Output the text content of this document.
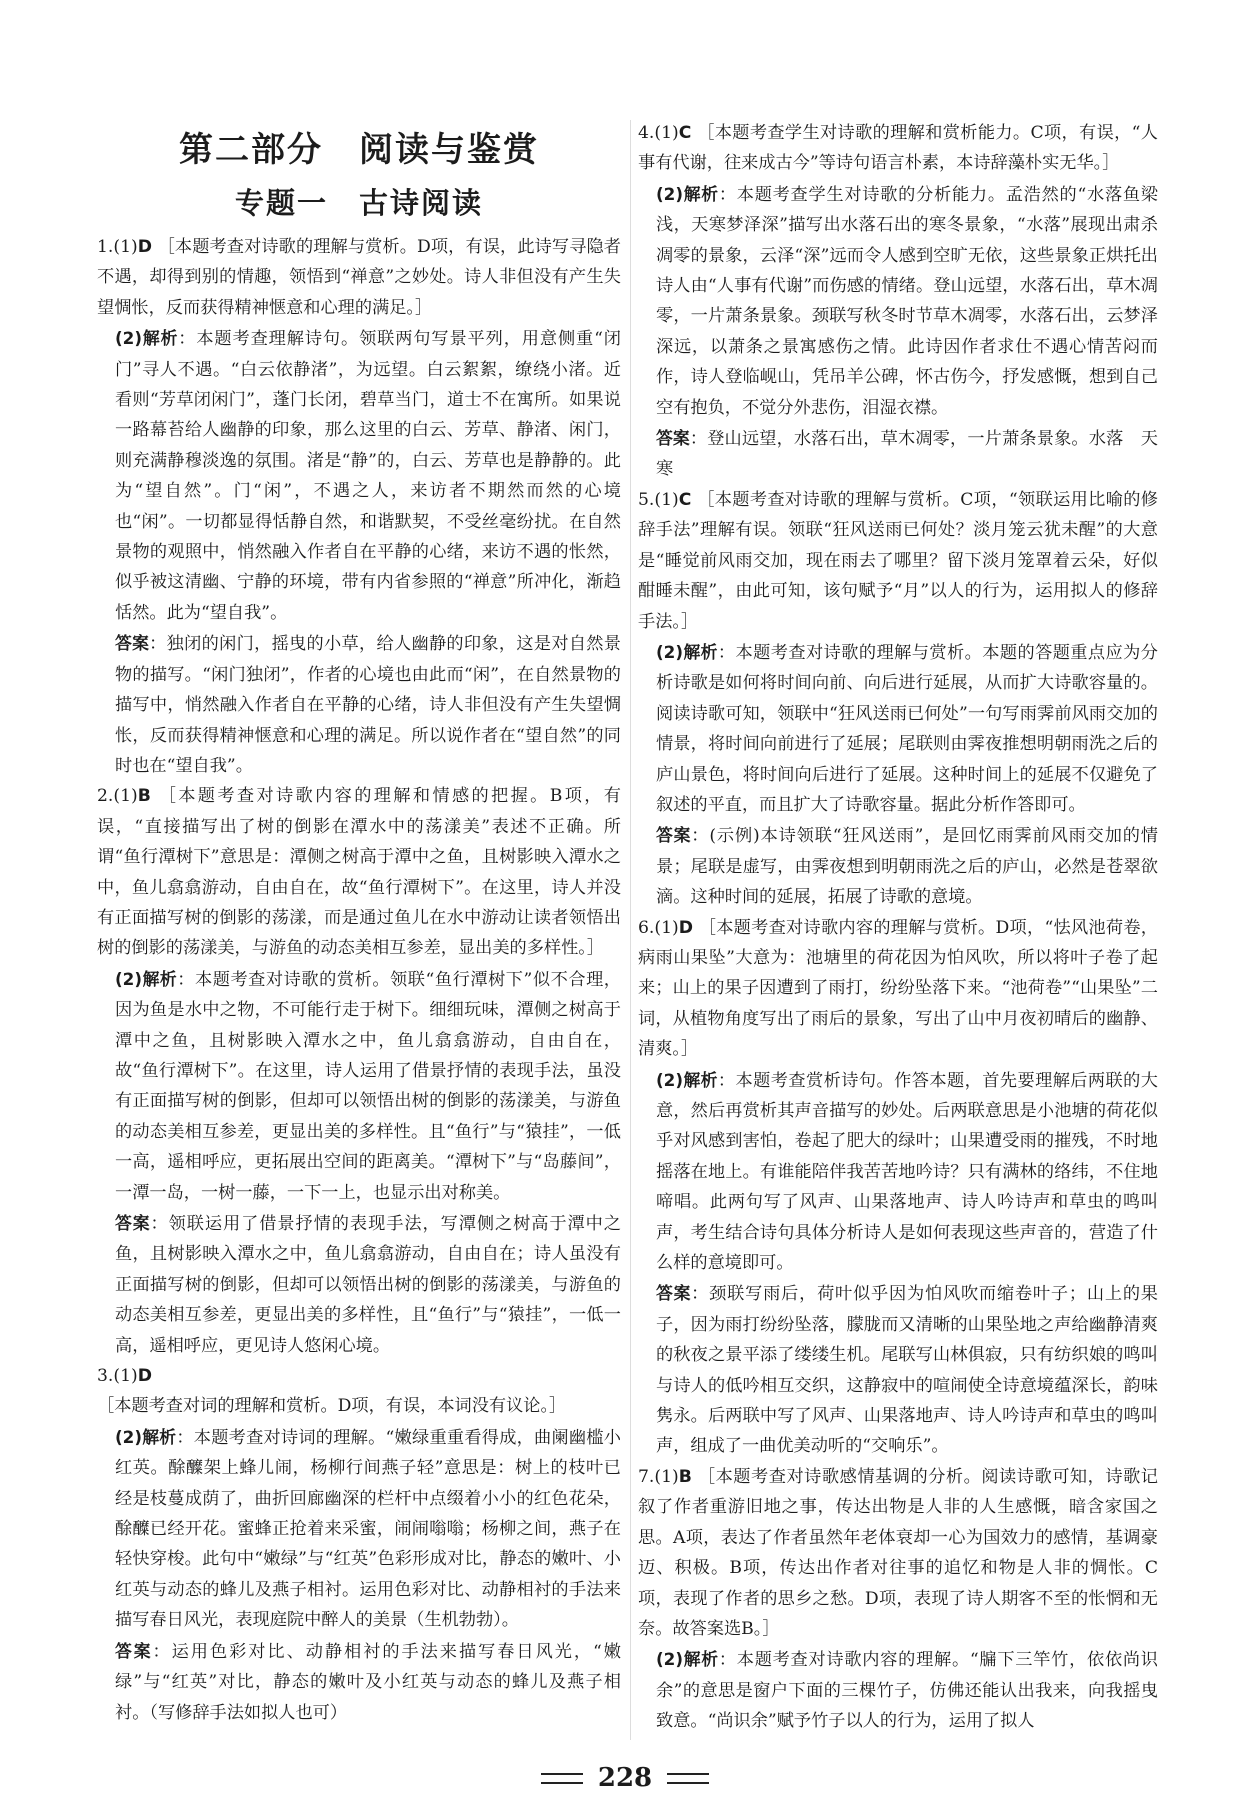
第二部分　阅读与鉴赏
专题一　古诗阅读

1.(1)D ［本题考查对诗歌的理解与赏析。D项，有误，此诗写寻隐者不遇，却得到别的情趣，领悟到“禅意”之妙处。诗人非但没有产生失望惆怅，反而获得精神惬意和心理的满足。］

(2)解析：本题考查理解诗句。领联两句写景平列，用意侧重“闭门”寻人不遇。“白云依静渚”，为远望。白云絮絮，缭绕小渚。近看则“芳草闭闲门”，蓬门长闭，碧草当门，道士不在寓所。如果说一路幕苔给人幽静的印象，那么这里的白云、芳草、静渚、闲门，则充满静穆淡逸的氛围。渚是“静”的，白云、芳草也是静静的。此为“望自然”。门“闲”，不遇之人，来访者不期然而然的心境也“闲”。一切都显得恬静自然，和谐默契，不受丝毫纷扰。在自然景物的观照中，悄然融入作者自在平静的心绪，来访不遇的怅然，似乎被这清幽、宁静的环境，带有内省参照的“禅意”所冲化，渐趋恬然。此为“望自我”。

答案：独闭的闲门，摇曳的小草，给人幽静的印象，这是对自然景物的描写。“闲门独闭”，作者的心境也由此而“闲”，在自然景物的描写中，悄然融入作者自在平静的心绪，诗人非但没有产生失望惆怅，反而获得精神惬意和心理的满足。所以说作者在“望自然”的同时也在“望自我”。

2.(1)B ［本题考查对诗歌内容的理解和情感的把握。B项，有误，“直接描写出了树的倒影在潭水中的荡漾美”表述不正确。所谓“鱼行潭树下”意思是：潭侧之树高于潭中之鱼，且树影映入潭水之中，鱼儿翕翕游动，自由自在，故“鱼行潭树下”。在这里，诗人并没有正面描写树的倒影的荡漾，而是通过鱼儿在水中游动让读者领悟出树的倒影的荡漾美，与游鱼的动态美相互参差，显出美的多样性。］

(2)解析：本题考查对诗歌的赏析。领联“鱼行潭树下”似不合理，因为鱼是水中之物，不可能行走于树下。细细玩味，潭侧之树高于潭中之鱼，且树影映入潭水之中，鱼儿翕翕游动，自由自在，故“鱼行潭树下”。在这里，诗人运用了借景抒情的表现手法，虽没有正面描写树的倒影，但却可以领悟出树的倒影的荡漾美，与游鱼的动态美相互参差，更显出美的多样性。且“鱼行”与“猿挂”，一低一高，遥相呼应，更拓展出空间的距离美。“潭树下”与“岛藤间”，一潭一岛，一树一藤，一下一上，也显示出对称美。

答案：领联运用了借景抒情的表现手法，写潭侧之树高于潭中之鱼，且树影映入潭水之中，鱼儿翕翕游动，自由自在；诗人虽没有正面描写树的倒影，但却可以领悟出树的倒影的荡漾美，与游鱼的动态美相互参差，更显出美的多样性，且“鱼行”与“猿挂”，一低一高，遥相呼应，更见诗人悠闲心境。

3.(1)D ［本题考查对词的理解和赏析。D项，有误，本词没有议论。］

(2)解析：本题考查对诗词的理解。“嫩绿重重看得成，曲阑幽槛小红英。酴醾架上蜂儿闹，杨柳行间燕子轻”意思是：树上的枝叶已经是枝蔓成荫了，曲折回廊幽深的栏杆中点缀着小小的红色花朵，酴醾已经开花。蜜蜂正抢着来采蜜，闹闹嗡嗡；杨柳之间，燕子在轻快穿梭。此句中“嫩绿”与“红英”色彩形成对比，静态的嫩叶、小红英与动态的蜂儿及燕子相衬。运用色彩对比、动静相衬的手法来描写春日风光，表现庭院中醉人的美景（生机勃勃）。

答案：运用色彩对比、动静相衬的手法来描写春日风光，“嫩绿”与“红英”对比，静态的嫩叶及小红英与动态的蜂儿及燕子相衬。（写修辞手法如拟人也可）

4.(1)C ［本题考查学生对诗歌的理解和赏析能力。C项，有误，“人事有代谢，往来成古今”等诗句语言朴素，本诗辞藻朴实无华。］

(2)解析：本题考查学生对诗歌的分析能力。孟浩然的“水落鱼梁浅，天寒梦泽深”描写出水落石出的寒冬景象，“水落”展现出肃杀凋零的景象，云泽“深”远而令人感到空旷无依，这些景象正烘托出诗人由“人事有代谢”而伤感的情绪。登山远望，水落石出，草木凋零，一片萧条景象。颈联写秋冬时节草木凋零，水落石出，云梦泽深远，以萧条之景寓感伤之情。此诗因作者求仕不遇心情苦闷而作，诗人登临岘山，凭吊羊公碑，怀古伤今，抒发感慨，想到自己空有抱负，不觉分外悲伤，泪湿衣襟。

答案：登山远望，水落石出，草木凋零，一片萧条景象。水落　天寒

5.(1)C ［本题考查对诗歌的理解与赏析。C项，“领联运用比喻的修辞手法”理解有误。领联“狂风送雨已何处？淡月笼云犹未醒”的大意是“睡觉前风雨交加，现在雨去了哪里？留下淡月笼罩着云朵，好似酣睡未醒”，由此可知，该句赋予“月”以人的行为，运用拟人的修辞手法。］

(2)解析：本题考查对诗歌的理解与赏析。本题的答题重点应为分析诗歌是如何将时间向前、向后进行延展，从而扩大诗歌容量的。阅读诗歌可知，领联中“狂风送雨已何处”一句写雨霁前风雨交加的情景，将时间向前进行了延展；尾联则由霁夜推想明朝雨洗之后的庐山景色，将时间向后进行了延展。这种时间上的延展不仅避免了叙述的平直，而且扩大了诗歌容量。据此分析作答即可。

答案：(示例)本诗领联“狂风送雨”，是回忆雨霁前风雨交加的情景；尾联是虚写，由霁夜想到明朝雨洗之后的庐山，必然是苍翠欲滴。这种时间的延展，拓展了诗歌的意境。

6.(1)D ［本题考查对诗歌内容的理解与赏析。D项，“怯风池荷卷，病雨山果坠”大意为：池塘里的荷花因为怕风吹，所以将叶子卷了起来；山上的果子因遭到了雨打，纷纷坠落下来。“池荷卷”“山果坠”二词，从植物角度写出了雨后的景象，写出了山中月夜初晴后的幽静、清爽。］

(2)解析：本题考查赏析诗句。作答本题，首先要理解后两联的大意，然后再赏析其声音描写的妙处。后两联意思是小池塘的荷花似乎对风感到害怕，卷起了肥大的绿叶；山果遭受雨的摧残，不时地摇落在地上。有谁能陪伴我苦苦地吟诗？只有满林的络纬，不住地啼唱。此两句写了风声、山果落地声、诗人吟诗声和草虫的鸣叫声，考生结合诗句具体分析诗人是如何表现这些声音的，营造了什么样的意境即可。

答案：颈联写雨后，荷叶似乎因为怕风吹而缩卷叶子；山上的果子，因为雨打纷纷坠落，朦胧而又清晰的山果坠地之声给幽静清爽的秋夜之景平添了缕缕生机。尾联写山林俱寂，只有纺织娘的鸣叫与诗人的低吟相互交织，这静寂中的喧闹使全诗意境蕴深长，韵味隽永。后两联中写了风声、山果落地声、诗人吟诗声和草虫的鸣叫声，组成了一曲优美动听的“交响乐”。

7.(1)B ［本题考查对诗歌感情基调的分析。阅读诗歌可知，诗歌记叙了作者重游旧地之事，传达出物是人非的人生感慨，暗含家国之思。A项，表达了作者虽然年老体衰却一心为国效力的感情，基调豪迈、积极。B项，传达出作者对往事的追忆和物是人非的惆怅。C项，表现了作者的思乡之愁。D项，表现了诗人期客不至的怅惘和无奈。故答案选B。］

(2)解析：本题考查对诗歌内容的理解。“牖下三竿竹，依依尚识余”的意思是窗户下面的三棵竹子，仿佛还能认出我来，向我摇曳致意。“尚识余”赋予竹子以人的行为，运用了拟人

228
